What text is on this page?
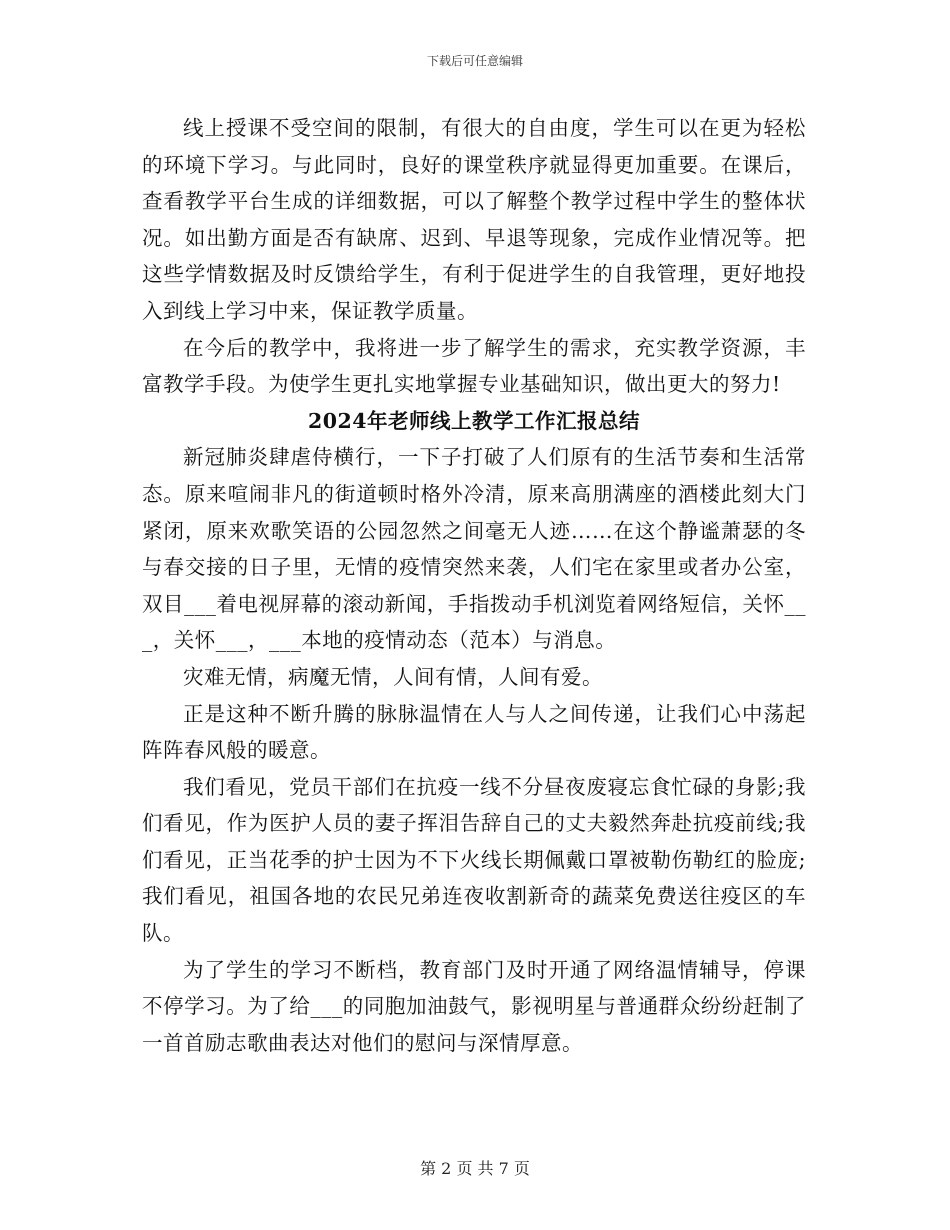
下载后可任意编辑

线上授课不受空间的限制，有很大的自由度，学生可以在更为轻松的环境下学习。与此同时，良好的课堂秩序就显得更加重要。在课后，查看教学平台生成的详细数据，可以了解整个教学过程中学生的整体状况。如出勤方面是否有缺席、迟到、早退等现象，完成作业情况等。把这些学情数据及时反馈给学生，有利于促进学生的自我管理，更好地投入到线上学习中来，保证教学质量。

在今后的教学中，我将进一步了解学生的需求，充实教学资源，丰富教学手段。为使学生更扎实地掌握专业基础知识，做出更大的努力!

2024年老师线上教学工作汇报总结

新冠肺炎肆虐侍横行，一下子打破了人们原有的生活节奏和生活常态。原来喧闹非凡的街道顿时格外冷清，原来高朋满座的酒楼此刻大门紧闭，原来欢歌笑语的公园忽然之间毫无人迹……在这个静谧萧瑟的冬与春交接的日子里，无情的疫情突然来袭，人们宅在家里或者办公室，双目___着电视屏幕的滚动新闻，手指拨动手机浏览着网络短信，关怀___，关怀___，___本地的疫情动态（范本）与消息。

灾难无情，病魔无情，人间有情，人间有爱。

正是这种不断升腾的脉脉温情在人与人之间传递，让我们心中荡起阵阵春风般的暖意。

我们看见，党员干部们在抗疫一线不分昼夜废寝忘食忙碌的身影;我们看见，作为医护人员的妻子挥泪告辞自己的丈夫毅然奔赴抗疫前线;我们看见，正当花季的护士因为不下火线长期佩戴口罩被勒伤勒红的脸庞;我们看见，祖国各地的农民兄弟连夜收割新奇的蔬菜免费送往疫区的车队。

为了学生的学习不断档，教育部门及时开通了网络温情辅导，停课不停学习。为了给___的同胞加油鼓气，影视明星与普通群众纷纷赶制了一首首励志歌曲表达对他们的慰问与深情厚意。

第 2 页 共 7 页
